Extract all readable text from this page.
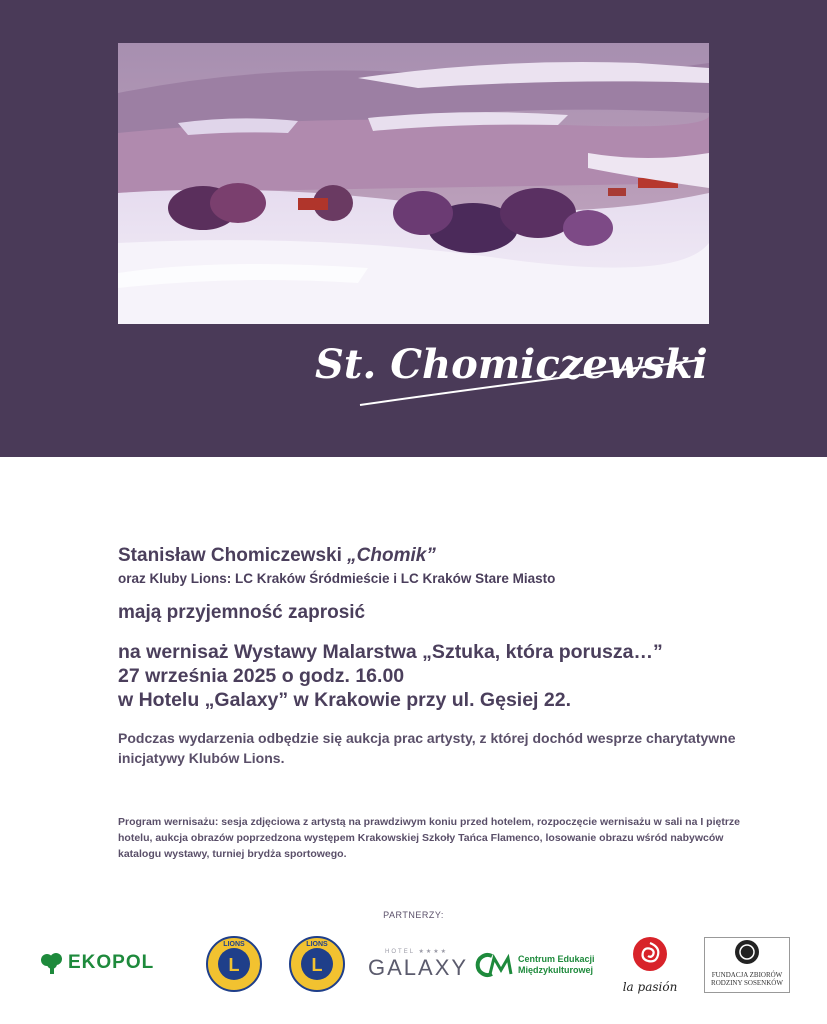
St. Chomiczewski

Stanisław Chomiczewski „Chomik”

oraz Kluby Lions: LC Kraków Śródmieście i LC Kraków Stare Miasto

mają przyjemność zaprosić

na wernisaż Wystawy Malarstwa „Sztuka, która porusza…”

27 września 2025 o godz. 16.00

w Hotelu „Galaxy” w Krakowie przy ul. Gęsiej 22.

Podczas wydarzenia odbędzie się aukcja prac artysty, z której dochód wesprze charytatywne inicjatywy Klubów Lions.
Program wernisażu: sesja zdjęciowa z artystą na prawdziwym koniu przed hotelem, rozpoczęcie wernisażu w sali na I piętrze hotelu, aukcja obrazów poprzedzona występem Krakowskiej Szkoły Tańca Flamenco, losowanie obrazu wśród nabywców katalogu wystawy, turniej brydża sportowego.
PARTNERZY:
EKOPOL	L
LIONS
L
LIONS
HOTEL ★★★★
GALAXY	Centrum Edukacji
Międzykulturowej
la pasión
FUNDACJA ZBIORÓW
RODZINY SOSENKÓW
